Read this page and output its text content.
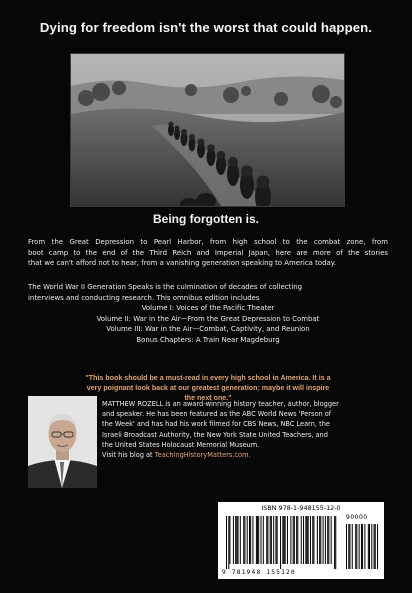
Dying for freedom isn't the worst that could happen.
Being forgotten is.
From the Great Depression to Pearl Harbor, from high school to the combat zone, from
boot camp to the end of the Third Reich and Imperial Japan, here are more of the stories
that we can't afford not to hear, from a vanishing generation speaking to America today.
The World War II Generation Speaks is the culmination of decades of collecting
interviews and conducting research. This omnibus edition includes
Volume I: Voices of the Pacific Theater
Volume II: War in the Air—From the Great Depression to Combat
Volume III: War in the Air—Combat, Captivity, and Reunion
Bonus Chapters: A Train Near Magdeburg
"This book should be a must-read in every high school in America. It is a
very poignant look back at our greatest generation; maybe it will inspire
the next one."
MATTHEW ROZELL is an award-winning history teacher, author, blogger
and speaker. He has been featured as the ABC World News 'Person of
the Week' and has had his work filmed for CBS News, NBC Learn, the
Israeli Broadcast Authority, the New York State United Teachers, and
the United States Holocaust Memorial Museum.
Visit his blog at TeachingHistoryMatters.com.
ISBN 978-1-948155-12-0
90000
9 781948 155120
